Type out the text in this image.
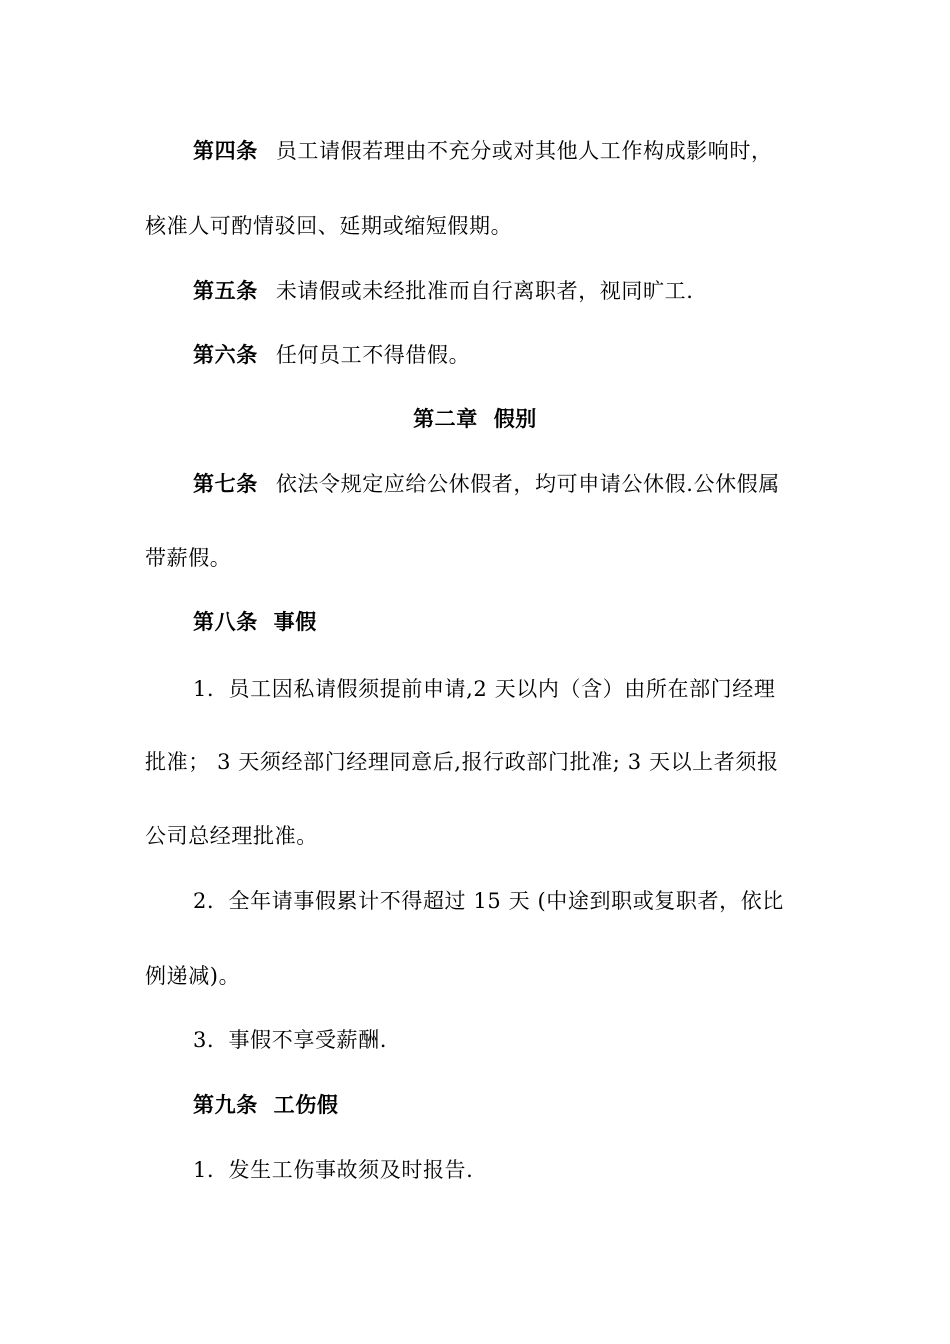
第四条 员工请假若理由不充分或对其他人工作构成影响时，
核准人可酌情驳回、延期或缩短假期。
第五条 未请假或未经批准而自行离职者，视同旷工.
第六条 任何员工不得借假。
第二章  假别
第七条 依法令规定应给公休假者，均可申请公休假.公休假属
带薪假。
第八条  事假
1．员工因私请假须提前申请,2 天以内（含）由所在部门经理
批准； 3 天须经部门经理同意后,报行政部门批准; 3 天以上者须报
公司总经理批准。
2．全年请事假累计不得超过 15 天 (中途到职或复职者，依比
例递减)。
3．事假不享受薪酬.
第九条  工伤假
1．发生工伤事故须及时报告.
